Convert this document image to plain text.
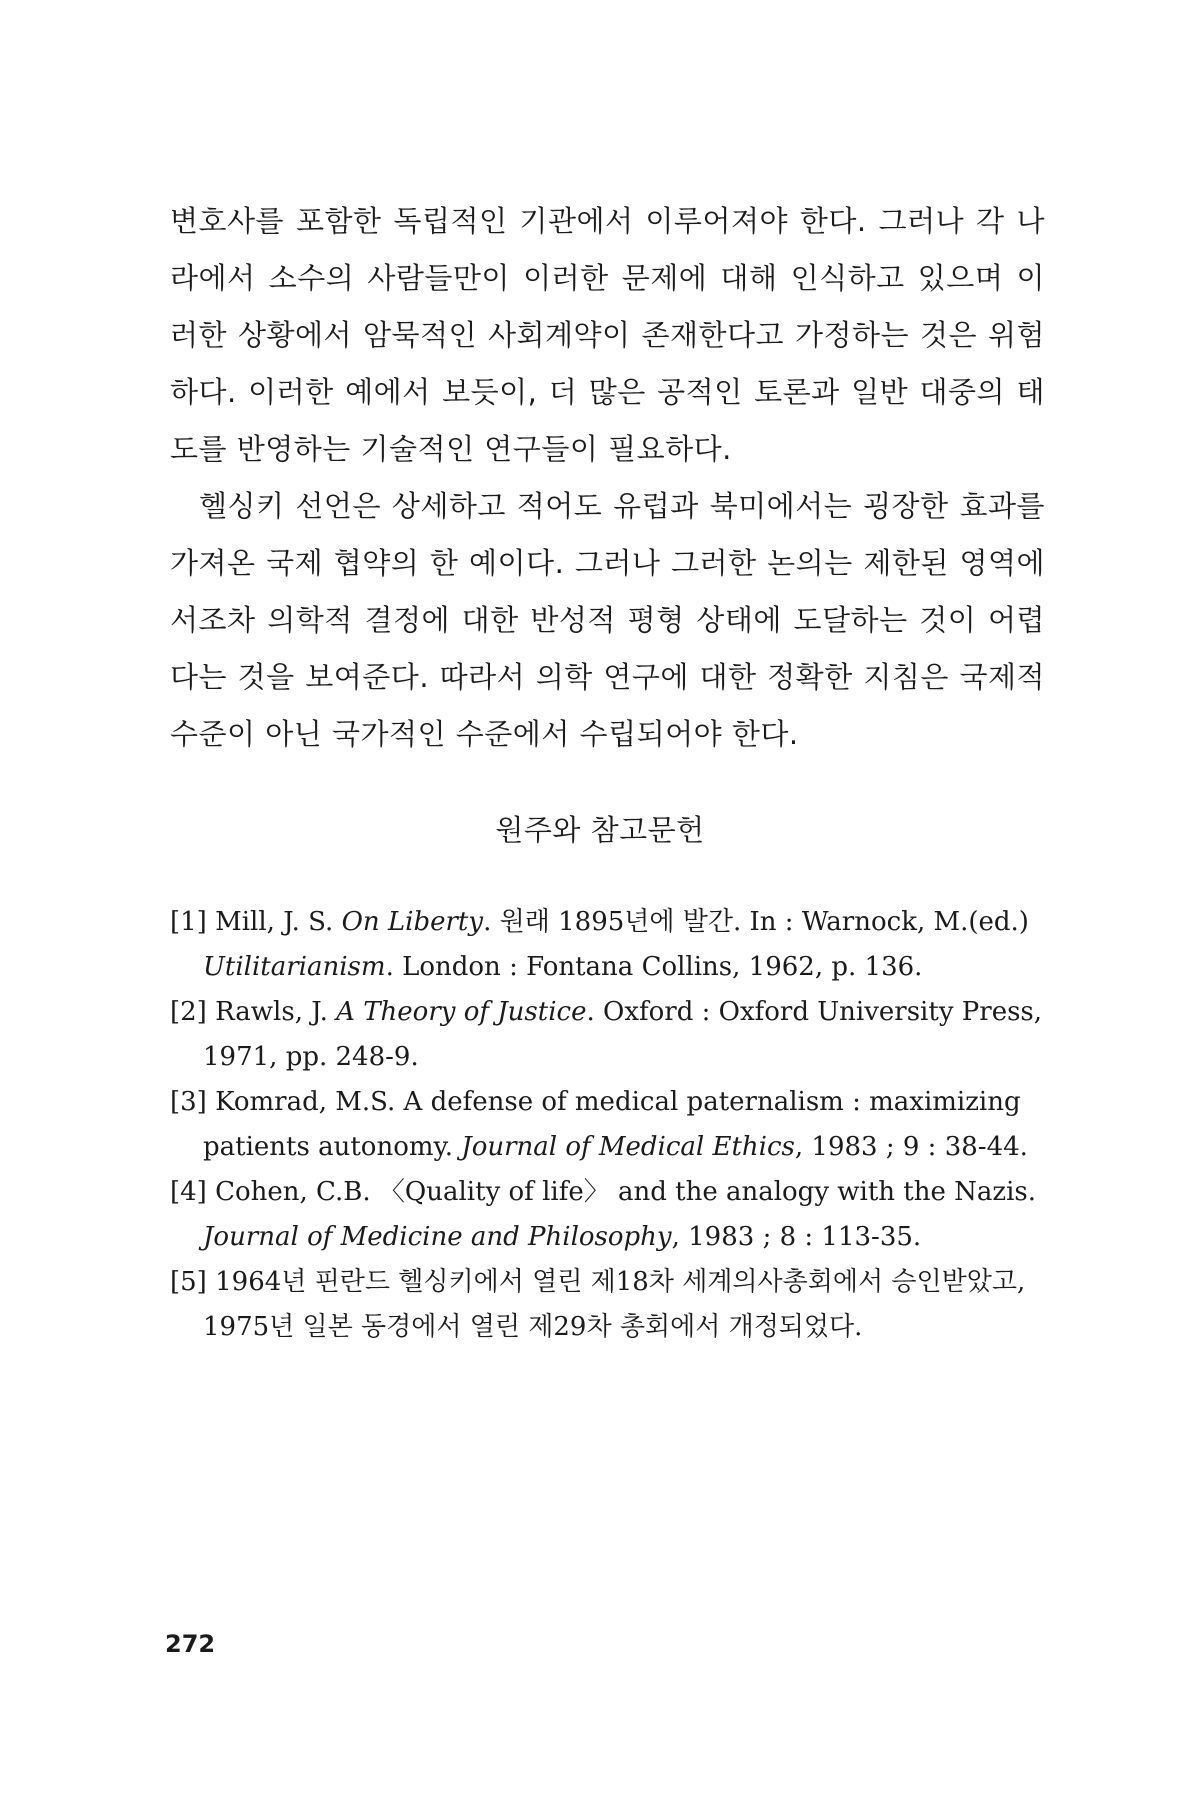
변호사를 포함한 독립적인 기관에서 이루어져야 한다. 그러나 각 나라에서 소수의 사람들만이 이러한 문제에 대해 인식하고 있으며 이러한 상황에서 암묵적인 사회계약이 존재한다고 가정하는 것은 위험하다. 이러한 예에서 보듯이, 더 많은 공적인 토론과 일반 대중의 태도를 반영하는 기술적인 연구들이 필요하다.

헬싱키 선언은 상세하고 적어도 유럽과 북미에서는 굉장한 효과를 가져온 국제 협약의 한 예이다. 그러나 그러한 논의는 제한된 영역에 서조차 의학적 결정에 대한 반성적 평형 상태에 도달하는 것이 어렵다는 것을 보여준다. 따라서 의학 연구에 대한 정확한 지침은 국제적 수준이 아닌 국가적인 수준에서 수립되어야 한다.

원주와 참고문헌
[1] Mill, J. S. On Liberty. 원래 1895년에 발간. In : Warnock, M.(ed.) Utilitarianism. London : Fontana Collins, 1962, p. 136.
[2] Rawls, J. A Theory of Justice. Oxford : Oxford University Press, 1971, pp. 248-9.
[3] Komrad, M.S. A defense of medical paternalism : maximizing patients autonomy. Journal of Medical Ethics, 1983 ; 9 : 38-44.
[4] Cohen, C.B. 〈Quality of life〉 and the analogy with the Nazis. Journal of Medicine and Philosophy, 1983 ; 8 : 113-35.
[5] 1964년 핀란드 헬싱키에서 열린 제18차 세계의사총회에서 승인받았고, 1975년 일본 동경에서 열린 제29차 총회에서 개정되었다.
272
